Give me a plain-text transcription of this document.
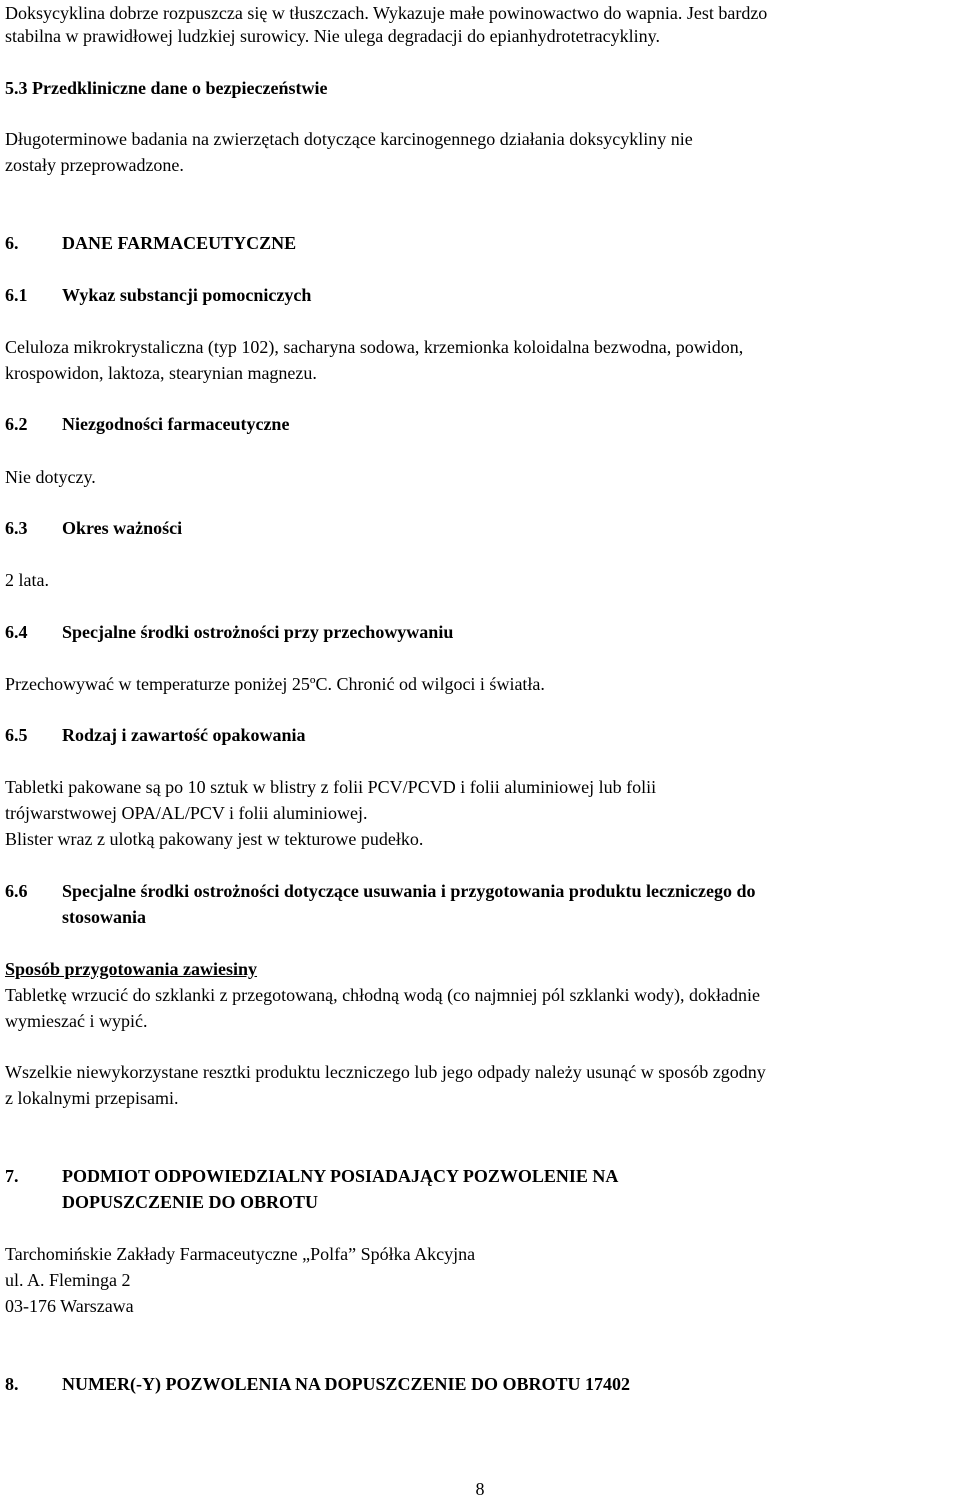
Doksycyklina dobrze rozpuszcza się w tłuszczach. Wykazuje małe powinowactwo do wapnia. Jest bardzo

stabilna w prawidłowej ludzkiej surowicy. Nie ulega degradacji do epianhydrotetracykliny.

5.3 Przedkliniczne dane o bezpieczeństwie

Długoterminowe badania na zwierzętach dotyczące karcinogennego działania doksycykliny nie

zostały przeprowadzone.

6. DANE FARMACEUTYCZNE

6.1 Wykaz substancji pomocniczych

Celuloza mikrokrystaliczna (typ 102), sacharyna sodowa, krzemionka koloidalna bezwodna, powidon,

krospowidon, laktoza, stearynian magnezu.

6.2 Niezgodności farmaceutyczne

Nie dotyczy.

6.3 Okres ważności

2 lata.

6.4 Specjalne środki ostrożności przy przechowywaniu

Przechowywać w temperaturze poniżej 25ºC. Chronić od wilgoci i światła.

6.5 Rodzaj i zawartość opakowania

Tabletki pakowane są po 10 sztuk w blistry z folii PCV/PCVD i folii aluminiowej lub folii

trójwarstwowej OPA/AL/PCV i folii aluminiowej.

Blister wraz z ulotką pakowany jest w tekturowe pudełko.

6.6 Specjalne środki ostrożności dotyczące usuwania i przygotowania produktu leczniczego do

stosowania

Sposób przygotowania zawiesiny

Tabletkę wrzucić do szklanki z przegotowaną, chłodną wodą (co najmniej pól szklanki wody), dokładnie

wymieszać i wypić.

Wszelkie niewykorzystane resztki produktu leczniczego lub jego odpady należy usunąć w sposób zgodny

z lokalnymi przepisami.

7. PODMIOT ODPOWIEDZIALNY POSIADAJĄCY POZWOLENIE NA

DOPUSZCZENIE DO OBROTU

Tarchomińskie Zakłady Farmaceutyczne „Polfa” Spółka Akcyjna

ul. A. Fleminga 2

03-176 Warszawa

8. NUMER(-Y) POZWOLENIA NA DOPUSZCZENIE DO OBROTU 17402

8
